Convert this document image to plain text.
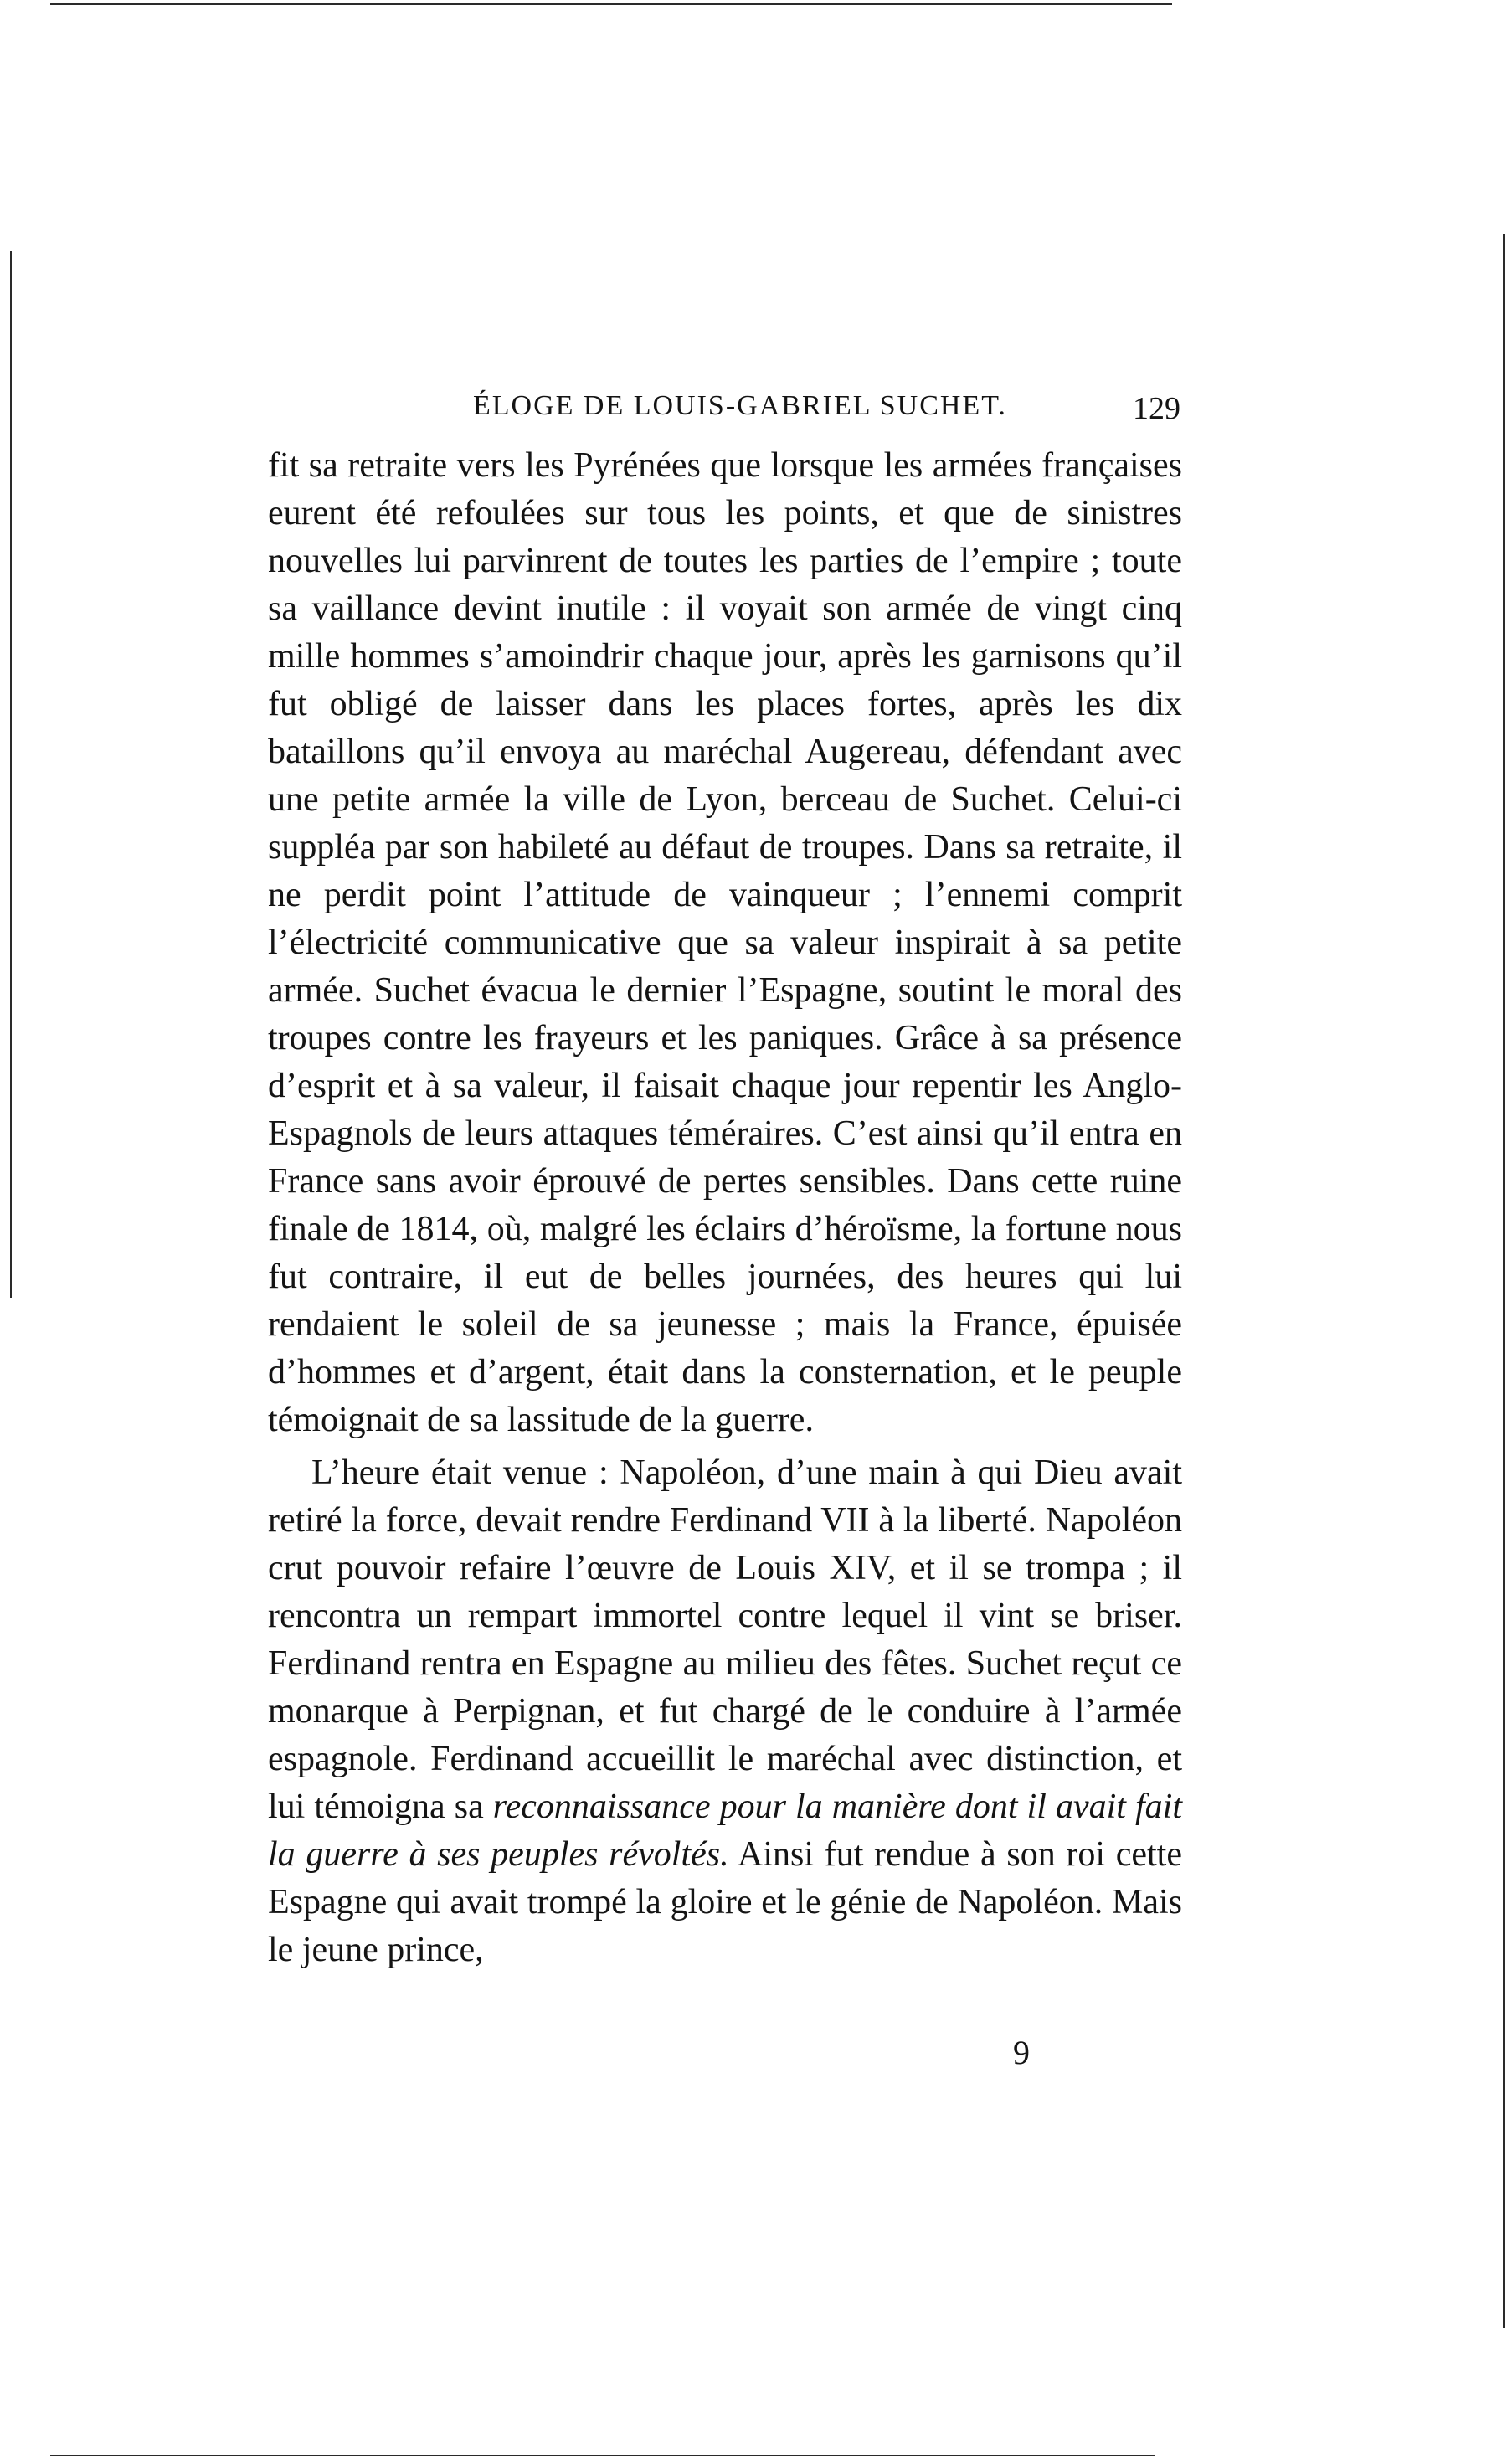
ÉLOGE DE LOUIS-GABRIEL SUCHET.	129

fit sa retraite vers les Pyrénées que lorsque les armées françaises eurent été refoulées sur tous les points, et que de sinistres nouvelles lui parvinrent de toutes les parties de l’empire ; toute sa vaillance devint inutile : il voyait son armée de vingt cinq mille hommes s’amoindrir chaque jour, après les garnisons qu’il fut obligé de laisser dans les places fortes, après les dix bataillons qu’il envoya au maréchal Augereau, défendant avec une petite armée la ville de Lyon, berceau de Suchet. Celui-ci suppléa par son habileté au défaut de troupes. Dans sa retraite, il ne perdit point l’attitude de vainqueur ; l’ennemi comprit l’électricité communicative que sa valeur inspirait à sa petite armée. Suchet évacua le dernier l’Espagne, soutint le moral des troupes contre les frayeurs et les paniques. Grâce à sa présence d’esprit et à sa valeur, il faisait chaque jour repentir les Anglo-Espagnols de leurs attaques téméraires. C’est ainsi qu’il entra en France sans avoir éprouvé de pertes sensibles. Dans cette ruine finale de 1814, où, malgré les éclairs d’héroïsme, la fortune nous fut contraire, il eut de belles journées, des heures qui lui rendaient le soleil de sa jeunesse ; mais la France, épuisée d’hommes et d’argent, était dans la consternation, et le peuple témoignait de sa lassitude de la guerre.

L’heure était venue : Napoléon, d’une main à qui Dieu avait retiré la force, devait rendre Ferdinand VII à la liberté. Napoléon crut pouvoir refaire l’œuvre de Louis XIV, et il se trompa ; il rencontra un rempart immortel contre lequel il vint se briser. Ferdinand rentra en Espagne au milieu des fêtes. Suchet reçut ce monarque à Perpignan, et fut chargé de le conduire à l’armée espagnole. Ferdinand accueillit le maréchal avec distinction, et lui témoigna sa reconnaissance pour la manière dont il avait fait la guerre à ses peuples révoltés. Ainsi fut rendue à son roi cette Espagne qui avait trompé la gloire et le génie de Napoléon. Mais le jeune prince,

9
